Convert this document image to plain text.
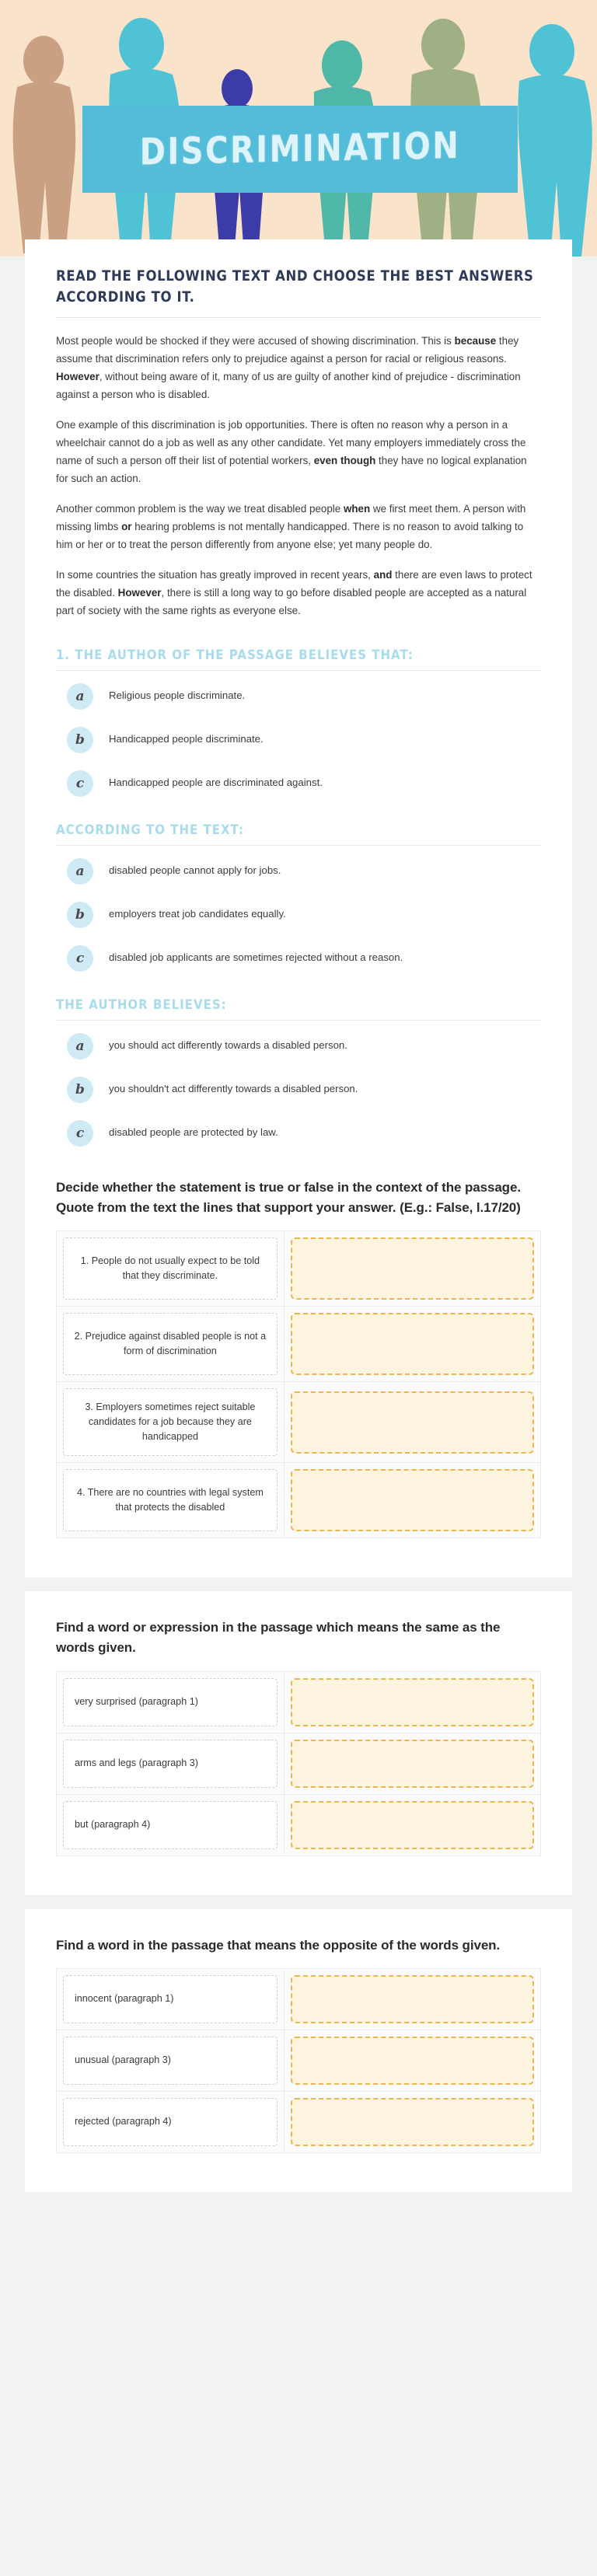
DISCRIMINATION
READ THE FOLLOWING TEXT AND CHOOSE THE BEST ANSWERS ACCORDING TO IT.

Most people would be shocked if they were accused of showing discrimination. This is because they assume that discrimination refers only to prejudice against a person for racial or religious reasons. However, without being aware of it, many of us are guilty of another kind of prejudice - discrimination against a person who is disabled.

One example of this discrimination is job opportunities. There is often no reason why a person in a wheelchair cannot do a job as well as any other candidate. Yet many employers immediately cross the name of such a person off their list of potential workers, even though they have no logical explanation for such an action.

Another common problem is the way we treat disabled people when we first meet them. A person with missing limbs or hearing problems is not mentally handicapped. There is no reason to avoid talking to him or her or to treat the person differently from anyone else; yet many people do.

In some countries the situation has greatly improved in recent years, and there are even laws to protect the disabled. However, there is still a long way to go before disabled people are accepted as a natural part of society with the same rights as everyone else.

1. THE AUTHOR OF THE PASSAGE BELIEVES THAT:
a	Religious people discriminate.
b	Handicapped people discriminate.
c	Handicapped people are discriminated against.
ACCORDING TO THE TEXT:
a	disabled people cannot apply for jobs.
b	employers treat job candidates equally.
c	disabled job applicants are sometimes rejected without a reason.
THE AUTHOR BELIEVES:
a	you should act differently towards a disabled person.
b	you shouldn't act differently towards a disabled person.
c	disabled people are protected by law.
Decide whether the statement is true or false in the context of the passage. Quote from the text the lines that support your answer. (E.g.: False, l.17/20)
1. People do not usually expect to be told that they discriminate.	

2. Prejudice against disabled people is not a form of discrimination	

3. Employers sometimes reject suitable candidates for a job because they are handicapped	

4. There are no countries with legal system that protects the disabled	

Find a word or expression in the passage which means the same as the words given.
very surprised (paragraph 1)	

arms and legs (paragraph 3)	

but (paragraph 4)	

Find a word in the passage that means the opposite of the words given.
innocent (paragraph 1)	

unusual (paragraph 3)	

rejected (paragraph 4)	
